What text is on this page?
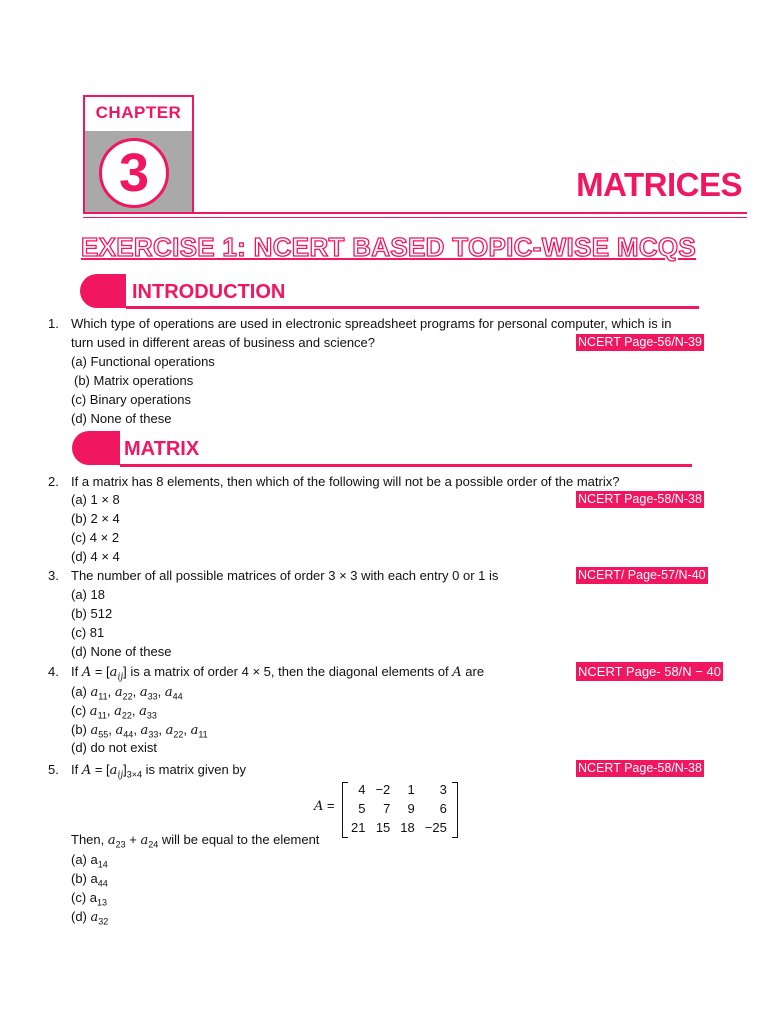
CHAPTER
3	MATRICES
EXERCISE 1: NCERT BASED TOPIC-WISE MCQS
INTRODUCTION
1. Which type of operations are used in electronic spreadsheet programs for personal computer, which is in
turn used in different areas of business and science?	NCERT Page-56/N-39
(a) Functional operations
(b) Matrix operations
(c) Binary operations
(d) None of these
MATRIX
2. If a matrix has 8 elements, then which of the following will not be a possible order of the matrix?
NCERT Page-58/N-38
(a) 1 × 8
(b) 2 × 4
(c) 4 × 2
(d) 4 × 4
3. The number of all possible matrices of order 3 × 3 with each entry 0 or 1 is	NCERT/ Page-57/N-40
(a) 18
(b) 512
(c) 81
(d) None of these
4. If $A = [a_{ij}]$ is a matrix of order 4 × 5, then the diagonal elements of A are	NCERT Page- 58/N − 40
(a) $a_{11}$, $a_{22}$, $a_{33}$, $a_{44}$
(c) $a_{11}$, $a_{22}$, $a_{33}$
(b) $a_{55}$, $a_{44}$, $a_{33}$, $a_{22}$, $a_{11}$
(d) do not exist
5. If $A = [a_{ij}]_{3\times 4}$ is matrix given by	NCERT Page-58/N-38
A =
4	−2	1	3
5	7	9	6
21	15	18	−25
Then, $a_{23} + a_{24}$ will be equal to the element
(a) $a_{14}$
(b) $a_{44}$
(c) $a_{13}$
(d) $a_{32}$
